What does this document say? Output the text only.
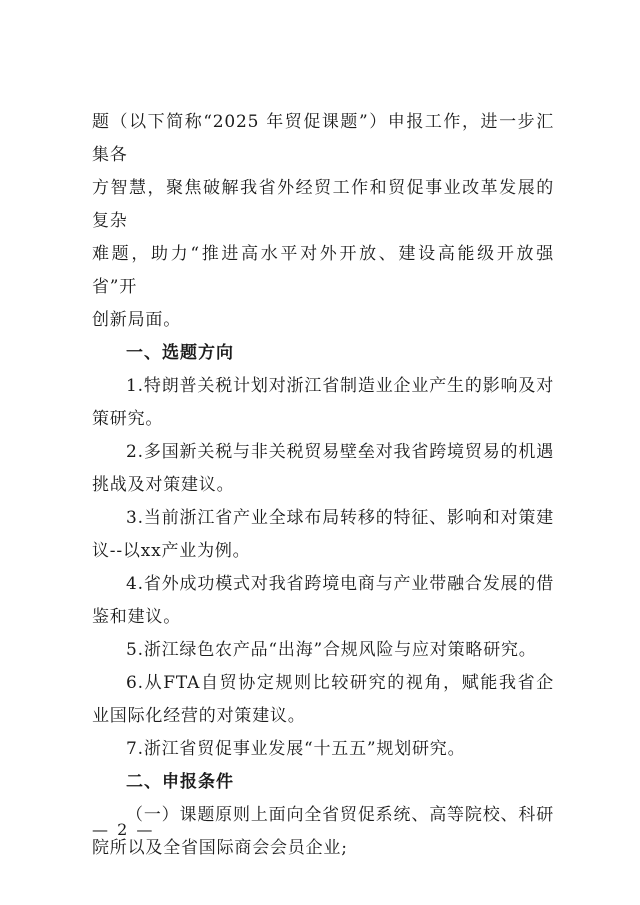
题（以下简称“2025 年贸促课题”）申报工作，进一步汇集各

方智慧，聚焦破解我省外经贸工作和贸促事业改革发展的复杂

难题，助力“推进高水平对外开放、建设高能级开放强省”开

创新局面。

一、选题方向

1.特朗普关税计划对浙江省制造业企业产生的影响及对策研究。

2.多国新关税与非关税贸易壁垒对我省跨境贸易的机遇挑战及对策建议。

3.当前浙江省产业全球布局转移的特征、影响和对策建议--以xx产业为例。

4.省外成功模式对我省跨境电商与产业带融合发展的借鉴和建议。

5.浙江绿色农产品“出海”合规风险与应对策略研究。

6.从FTA自贸协定规则比较研究的视角，赋能我省企业国际化经营的对策建议。

7.浙江省贸促事业发展“十五五”规划研究。

二、申报条件

（一）课题原则上面向全省贸促系统、高等院校、科研院所以及全省国际商会会员企业;

— 2 —
